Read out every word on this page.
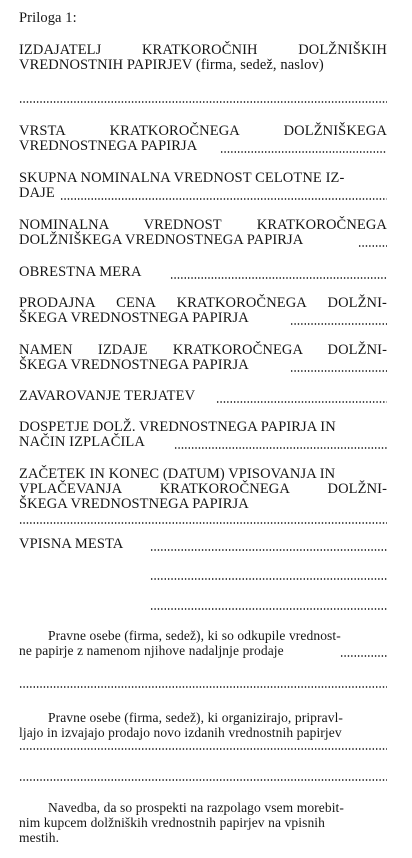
Priloga 1:
IZDAJATELJ KRATKOROČNIH DOLŽNIŠKIH
VREDNOSTNIH PAPIRJEV (firma, sedež, naslov)
VRSTA KRATKOROČNEGA DOLŽNIŠKEGA
VREDNOSTNEGA PAPIRJA
SKUPNA NOMINALNA VREDNOST CELOTNE IZ-
DAJE
NOMINALNA VREDNOST KRATKOROČNEGA
DOLŽNIŠKEGA VREDNOSTNEGA PAPIRJA
OBRESTNA MERA
PRODAJNA CENA KRATKOROČNEGA DOLŽNI-
ŠKEGA VREDNOSTNEGA PAPIRJA
NAMEN IZDAJE KRATKOROČNEGA DOLŽNI-
ŠKEGA VREDNOSTNEGA PAPIRJA
ZAVAROVANJE TERJATEV
DOSPETJE DOLŽ. VREDNOSTNEGA PAPIRJA IN
NAČIN IZPLAČILA
ZAČETEK IN KONEC (DATUM) VPISOVANJA IN
VPLAČEVANJA KRATKOROČNEGA DOLŽNI-
ŠKEGA VREDNOSTNEGA PAPIRJA
VPISNA MESTA
Pravne osebe (firma, sedež), ki so odkupile vrednost-
ne papirje z namenom njihove nadaljnje prodaje
Pravne osebe (firma, sedež), ki organizirajo, pripravl-
ljajo in izvajajo prodajo novo izdanih vrednostnih papirjev
Navedba, da so prospekti na razpolago vsem morebit-
nim kupcem dolžniških vrednostnih papirjev na vpisnih
mestih.
